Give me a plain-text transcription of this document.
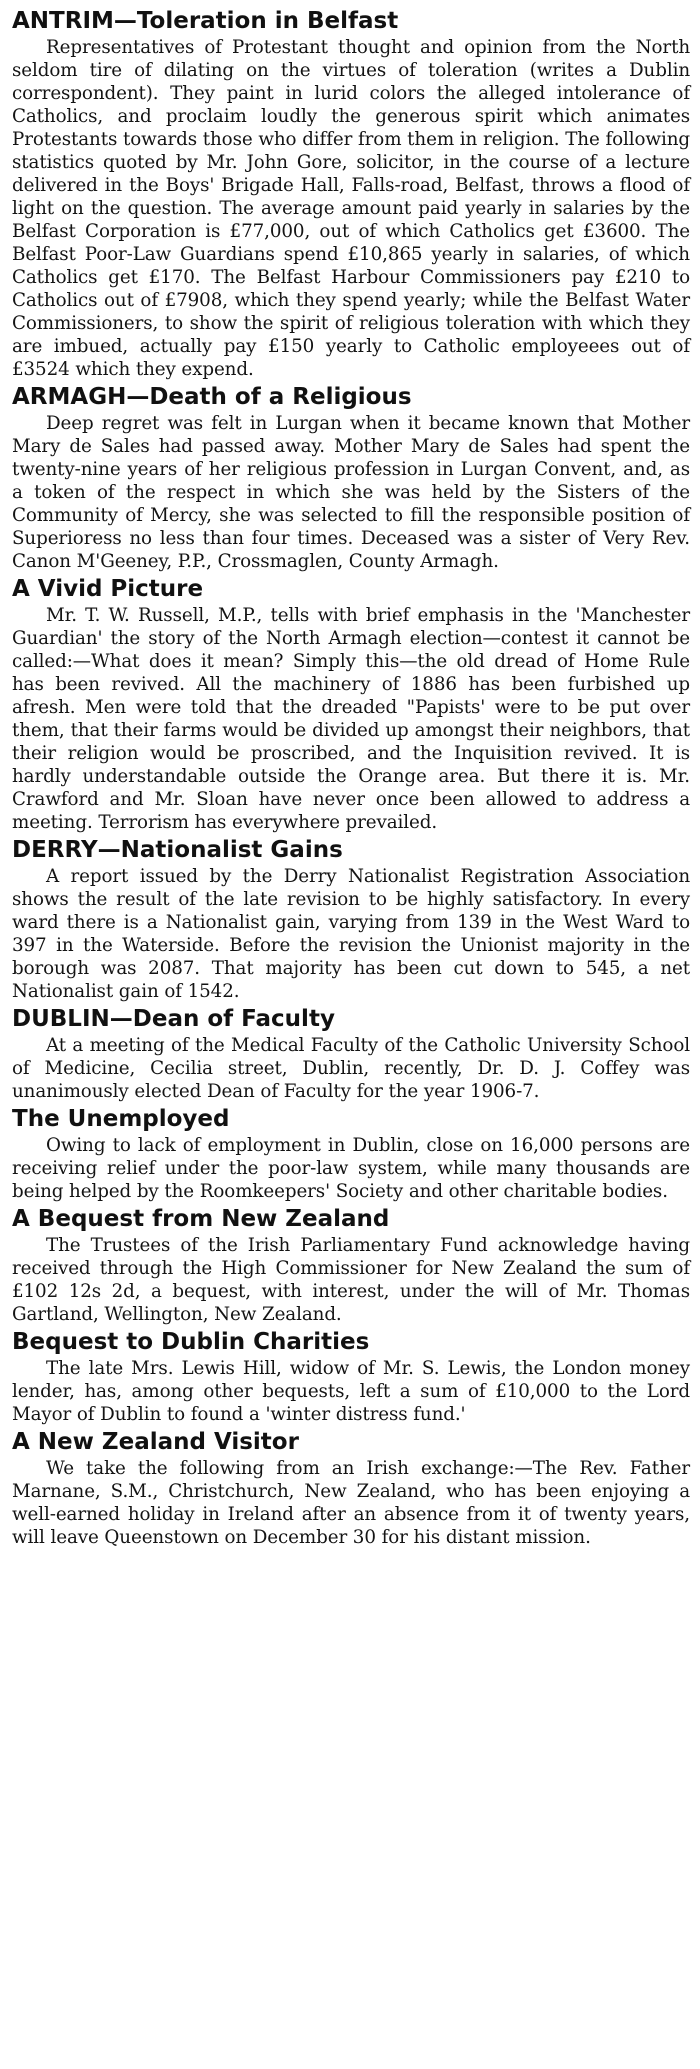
ANTRIM—Toleration in Belfast
Representatives of Protestant thought and opinion from the North seldom tire of dilating on the virtues of toleration (writes a Dublin correspondent). They paint in lurid colors the alleged intolerance of Catholics, and proclaim loudly the generous spirit which animates Protestants towards those who differ from them in religion. The following statistics quoted by Mr. John Gore, solicitor, in the course of a lecture delivered in the Boys' Brigade Hall, Falls-road, Belfast, throws a flood of light on the question. The average amount paid yearly in salaries by the Belfast Corporation is £77,000, out of which Catholics get £3600. The Belfast Poor-Law Guardians spend £10,865 yearly in salaries, of which Catholics get £170. The Belfast Harbour Commissioners pay £210 to Catholics out of £7908, which they spend yearly; while the Belfast Water Commissioners, to show the spirit of religious toleration with which they are imbued, actually pay £150 yearly to Catholic employeees out of £3524 which they expend.
ARMAGH—Death of a Religious
Deep regret was felt in Lurgan when it became known that Mother Mary de Sales had passed away. Mother Mary de Sales had spent the twenty-nine years of her religious profession in Lurgan Convent, and, as a token of the respect in which she was held by the Sisters of the Community of Mercy, she was selected to fill the responsible position of Superioress no less than four times. Deceased was a sister of Very Rev. Canon M'Geeney, P.P., Crossmaglen, County Armagh.
A Vivid Picture
Mr. T. W. Russell, M.P., tells with brief emphasis in the 'Manchester Guardian' the story of the North Armagh election—contest it cannot be called:—What does it mean? Simply this—the old dread of Home Rule has been revived. All the machinery of 1886 has been furbished up afresh. Men were told that the dreaded "Papists' were to be put over them, that their farms would be divided up amongst their neighbors, that their religion would be proscribed, and the Inquisition revived. It is hardly understandable outside the Orange area. But there it is. Mr. Crawford and Mr. Sloan have never once been allowed to address a meeting. Terrorism has everywhere prevailed.
DERRY—Nationalist Gains
A report issued by the Derry Nationalist Registration Association shows the result of the late revision to be highly satisfactory. In every ward there is a Nationalist gain, varying from 139 in the West Ward to 397 in the Waterside. Before the revision the Unionist majority in the borough was 2087. That majority has been cut down to 545, a net Nationalist gain of 1542.
DUBLIN—Dean of Faculty
At a meeting of the Medical Faculty of the Catholic University School of Medicine, Cecilia street, Dublin, recently, Dr. D. J. Coffey was unanimously elected Dean of Faculty for the year 1906-7.
The Unemployed
Owing to lack of employment in Dublin, close on 16,000 persons are receiving relief under the poor-law system, while many thousands are being helped by the Roomkeepers' Society and other charitable bodies.
A Bequest from New Zealand
The Trustees of the Irish Parliamentary Fund acknowledge having received through the High Commissioner for New Zealand the sum of £102 12s 2d, a bequest, with interest, under the will of Mr. Thomas Gartland, Wellington, New Zealand.
Bequest to Dublin Charities
The late Mrs. Lewis Hill, widow of Mr. S. Lewis, the London money lender, has, among other bequests, left a sum of £10,000 to the Lord Mayor of Dublin to found a 'winter distress fund.'
A New Zealand Visitor
We take the following from an Irish exchange:—The Rev. Father Marnane, S.M., Christchurch, New Zealand, who has been enjoying a well-earned holiday in Ireland after an absence from it of twenty years, will leave Queenstown on December 30 for his distant mission.
